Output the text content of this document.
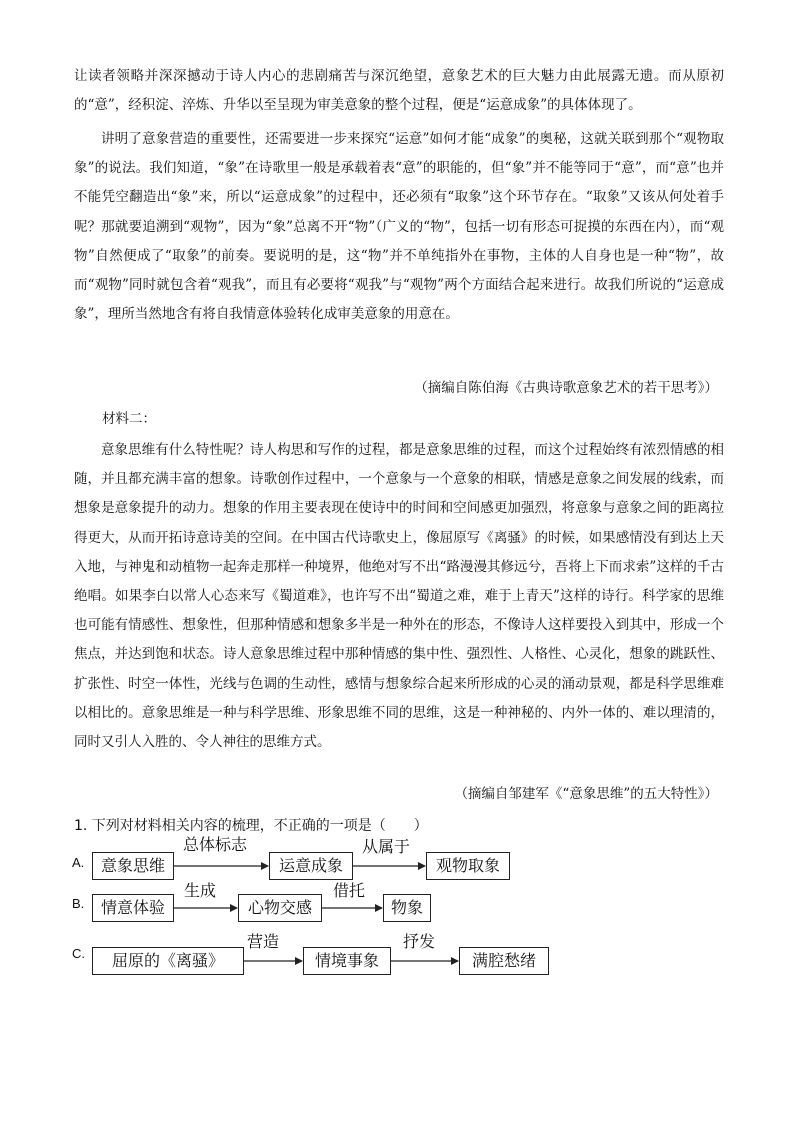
让读者领略并深深撼动于诗人内心的悲剧痛苦与深沉绝望，意象艺术的巨大魅力由此展露无遗。而从原初的“意”，经积淀、淬炼、升华以至呈现为审美意象的整个过程，便是“运意成象”的具体体现了。
讲明了意象营造的重要性，还需要进一步来探究“运意”如何才能“成象”的奥秘，这就关联到那个“观物取象”的说法。我们知道，“象”在诗歌里一般是承载着表“意”的职能的，但“象”并不能等同于“意”，而“意”也并不能凭空翻造出“象”来，所以“运意成象”的过程中，还必须有“取象”这个环节存在。“取象”又该从何处着手呢？那就要追溯到“观物”，因为“象”总离不开“物”（广义的“物”，包括一切有形态可捉摸的东西在内），而“观物”自然便成了“取象”的前奏。要说明的是，这“物”并不单纯指外在事物，主体的人自身也是一种“物”，故而“观物”同时就包含着“观我”，而且有必要将“观我”与“观物”两个方面结合起来进行。故我们所说的“运意成象”，理所当然地含有将自我情意体验转化成审美意象的用意在。
（摘编自陈伯海《古典诗歌意象艺术的若干思考》）
材料二：
意象思维有什么特性呢？诗人构思和写作的过程，都是意象思维的过程，而这个过程始终有浓烈情感的相随，并且都充满丰富的想象。诗歌创作过程中，一个意象与一个意象的相联，情感是意象之间发展的线索，而想象是意象提升的动力。想象的作用主要表现在使诗中的时间和空间感更加强烈，将意象与意象之间的距离拉得更大，从而开拓诗意诗美的空间。在中国古代诗歌史上，像屈原写《离骚》的时候，如果感情没有到达上天入地，与神鬼和动植物一起奔走那样一种境界，他绝对写不出“路漫漫其修远兮，吾将上下而求索”这样的千古绝唱。如果李白以常人心态来写《蜀道难》，也许写不出“蜀道之难，难于上青天”这样的诗行。科学家的思维也可能有情感性、想象性，但那种情感和想象多半是一种外在的形态，不像诗人这样要投入到其中，形成一个焦点，并达到饱和状态。诗人意象思维过程中那种情感的集中性、强烈性、人格性、心灵化，想象的跳跃性、扩张性、时空一体性，光线与色调的生动性，感情与想象综合起来所形成的心灵的涌动景观，都是科学思维难以相比的。意象思维是一种与科学思维、形象思维不同的思维，这是一种神秘的、内外一体的、难以理清的，同时又引人入胜的、令人神往的思维方式。
（摘编自邹建军《“意象思维”的五大特性》）
1. 下列对材料相关内容的梳理，不正确的一项是（　　）
A.	意象思维
总体标志
运意成象
从属于
观物取象
B.	情意体验
生成
心物交感
借托
物象
C.	屈原的《离骚》
营造
情境事象
抒发
满腔愁绪
